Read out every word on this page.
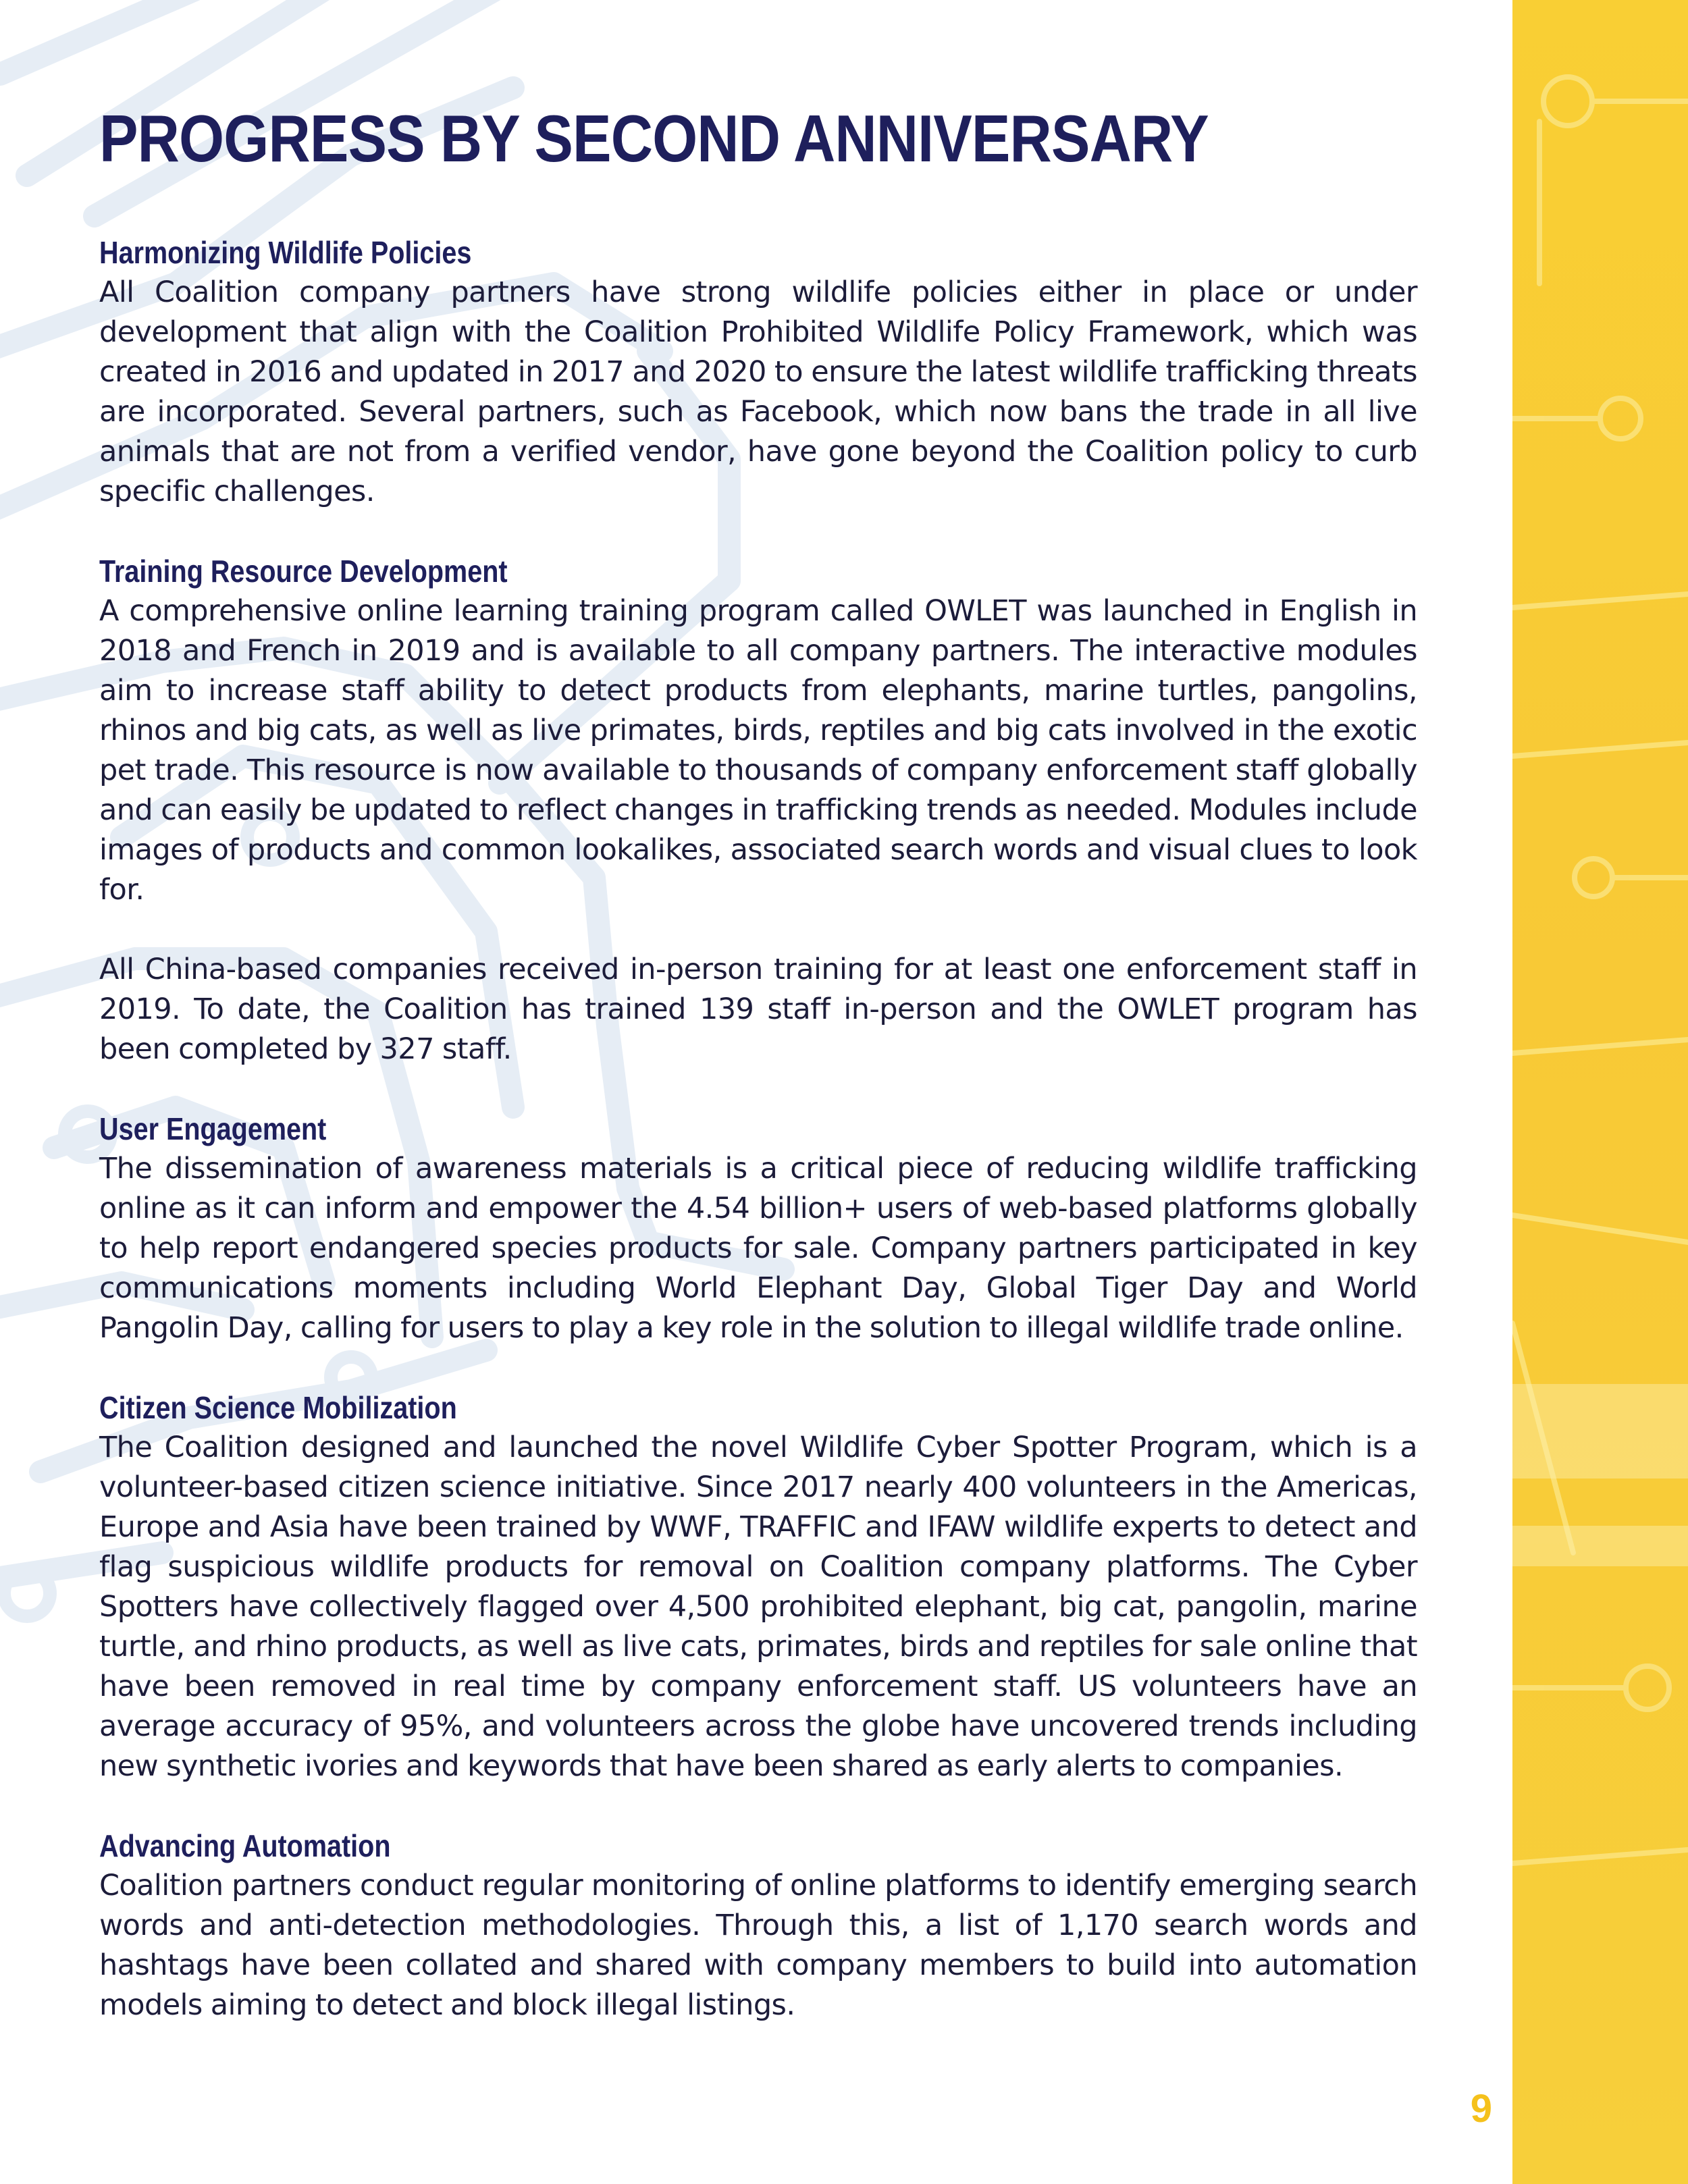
PROGRESS BY SECOND ANNIVERSARY
Harmonizing Wildlife Policies

All Coalition company partners have strong wildlife policies either in place or under development that align with the Coalition Prohibited Wildlife Policy Framework, which was created in 2016 and updated in 2017 and 2020 to ensure the latest wildlife trafficking threats are incorporated. Several partners, such as Facebook, which now bans the trade in all live animals that are not from a verified vendor, have gone beyond the Coalition policy to curb specific challenges.

Training Resource Development

A comprehensive online learning training program called OWLET was launched in English in 2018 and French in 2019 and is available to all company partners. The interactive modules aim to increase staff ability to detect products from elephants, marine turtles, pangolins, rhinos and big cats, as well as live primates, birds, reptiles and big cats involved in the exotic pet trade. This resource is now available to thousands of company enforcement staff globally and can easily be updated to reflect changes in trafficking trends as needed. Modules include images of products and common lookalikes, associated search words and visual clues to look for.

All China-based companies received in-person training for at least one enforcement staff in 2019. To date, the Coalition has trained 139 staff in-person and the OWLET program has been completed by 327 staff.

User Engagement

The dissemination of awareness materials is a critical piece of reducing wildlife trafficking online as it can inform and empower the 4.54 billion+ users of web-based platforms globally to help report endangered species products for sale. Company partners participated in key communications moments including World Elephant Day, Global Tiger Day and World Pangolin Day, calling for users to play a key role in the solution to illegal wildlife trade online.

Citizen Science Mobilization

The Coalition designed and launched the novel Wildlife Cyber Spotter Program, which is a volunteer-based citizen science initiative. Since 2017 nearly 400 volunteers in the Americas, Europe and Asia have been trained by WWF, TRAFFIC and IFAW wildlife experts to detect and flag suspicious wildlife products for removal on Coalition company platforms. The Cyber Spotters have collectively flagged over 4,500 prohibited elephant, big cat, pangolin, marine turtle, and rhino products, as well as live cats, primates, birds and reptiles for sale online that have been removed in real time by company enforcement staff. US volunteers have an average accuracy of 95%, and volunteers across the globe have uncovered trends including new synthetic ivories and keywords that have been shared as early alerts to companies.

Advancing Automation

Coalition partners conduct regular monitoring of online platforms to identify emerging search words and anti-detection methodologies. Through this, a list of 1,170 search words and hashtags have been collated and shared with company members to build into automation models aiming to detect and block illegal listings.

9
